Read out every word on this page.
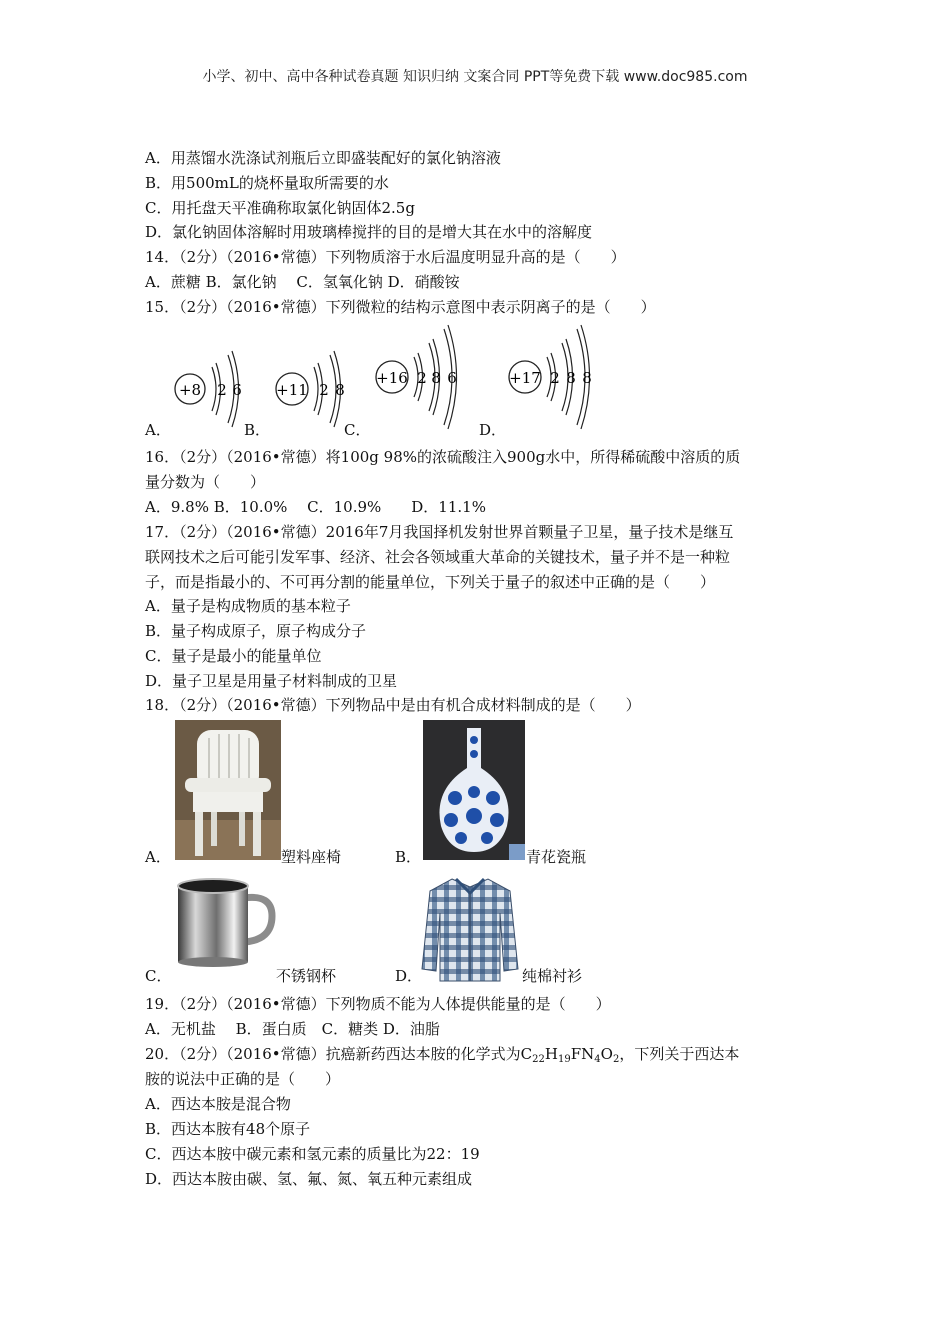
小学、初中、高中各种试卷真题 知识归纳 文案合同 PPT等免费下载 www.doc985.com
A．用蒸馏水洗涤试剂瓶后立即盛装配好的氯化钠溶液
B．用500mL的烧杯量取所需要的水
C．用托盘天平准确称取氯化钠固体2.5g
D．氯化钠固体溶解时用玻璃棒搅拌的目的是增大其在水中的溶解度
14．（2分）（2016•常德）下列物质溶于水后温度明显升高的是（　　）
A．蔗糖 B．氯化钠　 C．氢氧化钠 D．硝酸铵
15．（2分）（2016•常德）下列微粒的结构示意图中表示阴离子的是（　　）
+8 2 6 +11 2 8
+16 2 8 6	+17 2 8 8
A．	B．	C．	D．
16．（2分）（2016•常德）将100g 98%的浓硫酸注入900g水中，所得稀硫酸中溶质的质
量分数为（　　）
A．9.8% B．10.0%　 C．10.9%　　D．11.1%
17．（2分）（2016•常德）2016年7月我国择机发射世界首颗量子卫星，量子技术是继互
联网技术之后可能引发军事、经济、社会各领域重大革命的关键技术，量子并不是一种粒
子，而是指最小的、不可再分割的能量单位，下列关于量子的叙述中正确的是（　　）
A．量子是构成物质的基本粒子
B．量子构成原子，原子构成分子
C．量子是最小的能量单位
D．量子卫星是用量子材料制成的卫星
18．（2分）（2016•常德）下列物品中是由有机合成材料制成的是（　　）
A．	塑料座椅	B．	青花瓷瓶
C．	不锈钢杯	D．	纯棉衬衫
19．（2分）（2016•常德）下列物质不能为人体提供能量的是（　　）
A．无机盐　 B．蛋白质　C．糖类 D．油脂
20．（2分）（2016•常德）抗癌新药西达本胺的化学式为$C_{22}H_{19}FN_4O_2$，下列关于西达本
胺的说法中正确的是（　　）
A．西达本胺是混合物
B．西达本胺有48个原子
C．西达本胺中碳元素和氢元素的质量比为22：19
D．西达本胺由碳、氢、氟、氮、氧五种元素组成
